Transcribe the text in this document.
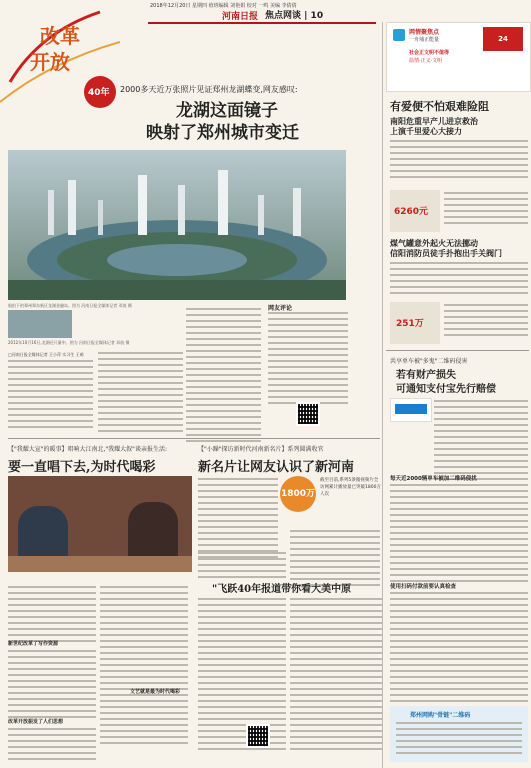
2018年12月20日 星期四 值班编辑 刘艳娟 校对 一鸣 美编 李倩倩
河南日报 焦点网谈 | 10
改革
开放
40年 2000多天近万张照片见证郑州龙湖蝶变,网友感叹:
龙湖这面镜子
映射了郑州城市变迁
航拍下的郑州郑东新区龙湖金融岛。图为 河南日报全媒体记者 邓放 摄
2012年10月16日,龙湖还尺量中。图为 河南日报全媒体记者 邓放 摄
□河南日报全媒体记者 王小萍 实习生 王萌
网友评论
网情聚焦点
一舟埔正能量
社会正文明不值得
温情·正义·文明
24
有爱便不怕艰难险阻
南阳危重早产儿进京救治
上演千里爱心大接力
6260元
煤气罐意外起火无法挪动
信阳消防员徒手扑抱出手关阀门
251万
共享单车被"多鬼"二维码侵害
若有财产损失
可通知支付宝先行赔偿
每天近2000辆单车被加二维码侵扰
使用扫码付款前要认真检查
郑州网购"骨链"二维码
【"我耀大宣"的暖事】唱响大江南北,"我耀大叙"谈亲报生活:
要一直唱下去,为时代喝彩
新世纪改革了写作资源
改革开放振发了人们思想
【"小躁"探访新时代河南新名片】系列圆满收官
新名片让网友认识了新河南
1800万
截至目前,系列5条微视频片全访网累计播放量已突破1800万人次
"飞跃40年报道带你看大美中原
文艺就是最为时代喝彩
